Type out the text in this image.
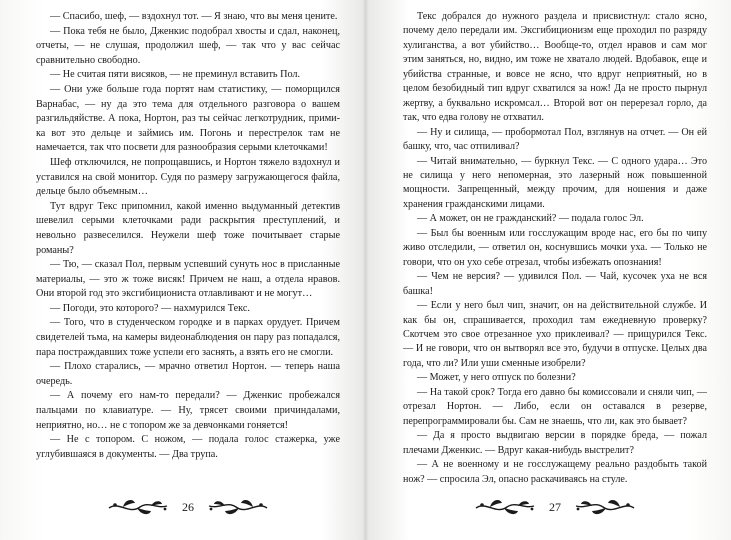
— Спасибо, шеф, — вздохнул тот. — Я знаю, что вы меня цените.

— Пока тебя не было, Дженкис подобрал хвосты и сдал, наконец, отчеты, — не слушая, продолжил шеф, — так что у вас сейчас сравнительно свободно.

— Не считая пяти висяков, — не преминул вставить Пол.

— Они уже больше года портят нам статистику, — поморщился Варнабас, — ну да это тема для отдельного разговора о вашем разгильдяйстве. А пока, Нортон, раз ты сейчас легкотрудник, прими-ка вот это дельце и займись им. Погонь и перестрелок там не намечается, так что посвети для разнообразия серыми клеточками!

Шеф отключился, не попрощавшись, и Нортон тяжело вздохнул и уставился на свой монитор. Судя по размеру загружающегося файла, дельце было объемным…

Тут вдруг Текс припомнил, какой именно выдуманный детектив шевелил серыми клеточками ради раскрытия преступлений, и невольно развеселился. Неужели шеф тоже почитывает старые романы?

— Тю, — сказал Пол, первым успевший сунуть нос в присланные материалы, — это ж тоже висяк! Причем не наш, а отдела нравов. Они второй год это эксгибициониста отлавливают и не могут…

— Погоди, это которого? — нахмурился Текс.

— Того, что в студенческом городке и в парках орудует. Причем свидетелей тьма, на камеры видеонаблюдения он пару раз попадался, пара постраждавших тоже успели его заснять, а взять его не смогли.

— Плохо старались, — мрачно ответил Нортон. — теперь наша очередь.

— А почему его нам-то передали? — Дженкис пробежался пальцами по клавиатуре. — Ну, трясет своими причиндалами, неприятно, но… не с топором же за девчонками гоняется!

— Не с топором. С ножом, — подала голос стажерка, уже углубившаяся в документы. — Два трупа.

26

Текс добрался до нужного раздела и присвистнул: стало ясно, почему дело передали им. Эксгибиционизм еще проходил по разряду хулиганства, а вот убийство… Вообще-то, отдел нравов и сам мог этим заняться, но, видно, им тоже не хватало людей. Вдобавок, еще и убийства странные, и вовсе не ясно, что вдруг неприятный, но в целом безобидный тип вдруг схватился за нож! Да не просто пырнул жертву, а буквально искромсал… Второй вот он перерезал горло, да так, что едва голову не отхватил.

— Ну и силища, — пробормотал Пол, взглянув на отчет. — Он ей башку, что, час отпиливал?

— Читай внимательно, — буркнул Текс. — С одного удара… Это не силища у него непомерная, это лазерный нож повышенной мощности. Запрещенный, между прочим, для ношения и даже хранения гражданскими лицами.

— А может, он не гражданский? — подала голос Эл.

— Был бы военным или госслужащим вроде нас, его бы по чипу живо отследили, — ответил он, коснувшись мочки уха. — Только не говори, что он ухо себе отрезал, чтобы избежать опознания!

— Чем не версия? — удивился Пол. — Чай, кусочек уха не вся башка!

— Если у него был чип, значит, он на действительной службе. И как бы он, спрашивается, проходил там ежедневную проверку? Скотчем это свое отрезанное ухо приклеивал? — прищурился Текс. — И не говори, что он вытворял все это, будучи в отпуске. Целых два года, что ли? Или уши сменные изобрели?

— Может, у него отпуск по болезни?

— На такой срок? Тогда его давно бы комиссовали и сняли чип, — отрезал Нортон. — Либо, если он оставался в резерве, перепрограммировали бы. Сам не знаешь, что ли, как это бывает?

— Да я просто выдвигаю версии в порядке бреда, — пожал плечами Дженкис. — Вдруг какая-нибудь выстрелит?

— А не военному и не госслужащему реально раздобыть такой нож? — спросила Эл, опасно раскачиваясь на стуле.

27
